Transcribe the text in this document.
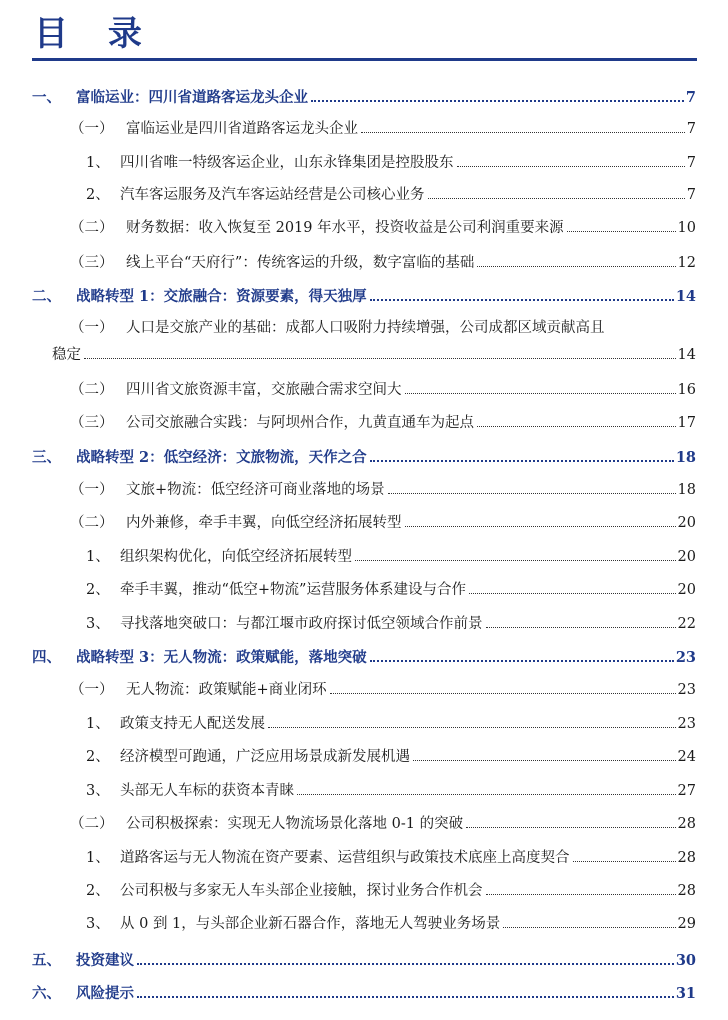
目 录
一、	富临运业：四川省道路客运龙头企业	7
（一） 富临运业是四川省道路客运龙头企业	7
1、 四川省唯一特级客运企业，山东永锋集团是控股股东	7
2、 汽车客运服务及汽车客运站经营是公司核心业务	7
（二） 财务数据：收入恢复至 2019 年水平，投资收益是公司利润重要来源	10
（三） 线上平台“天府行”：传统客运的升级，数字富临的基础	12
二、	战略转型 1：交旅融合：资源要素，得天独厚	14
（一） 人口是交旅产业的基础：成都人口吸附力持续增强，公司成都区域贡献高且
稳定	14
（二） 四川省文旅资源丰富，交旅融合需求空间大	16
（三） 公司交旅融合实践：与阿坝州合作，九黄直通车为起点	17
三、	战略转型 2：低空经济：文旅物流，天作之合	18
（一） 文旅+物流：低空经济可商业落地的场景	18
（二） 内外兼修，牵手丰翼，向低空经济拓展转型	20
1、 组织架构优化，向低空经济拓展转型	20
2、 牵手丰翼，推动“低空+物流”运营服务体系建设与合作	20
3、 寻找落地突破口：与都江堰市政府探讨低空领域合作前景	22
四、	战略转型 3：无人物流：政策赋能，落地突破	23
（一） 无人物流：政策赋能+商业闭环	23
1、 政策支持无人配送发展	23
2、 经济模型可跑通，广泛应用场景成新发展机遇	24
3、 头部无人车标的获资本青睐	27
（二） 公司积极探索：实现无人物流场景化落地 0-1 的突破	28
1、 道路客运与无人物流在资产要素、运营组织与政策技术底座上高度契合	28
2、 公司积极与多家无人车头部企业接触，探讨业务合作机会	28
3、 从 0 到 1，与头部企业新石器合作，落地无人驾驶业务场景	29
五、	投资建议	30
六、	风险提示	31
